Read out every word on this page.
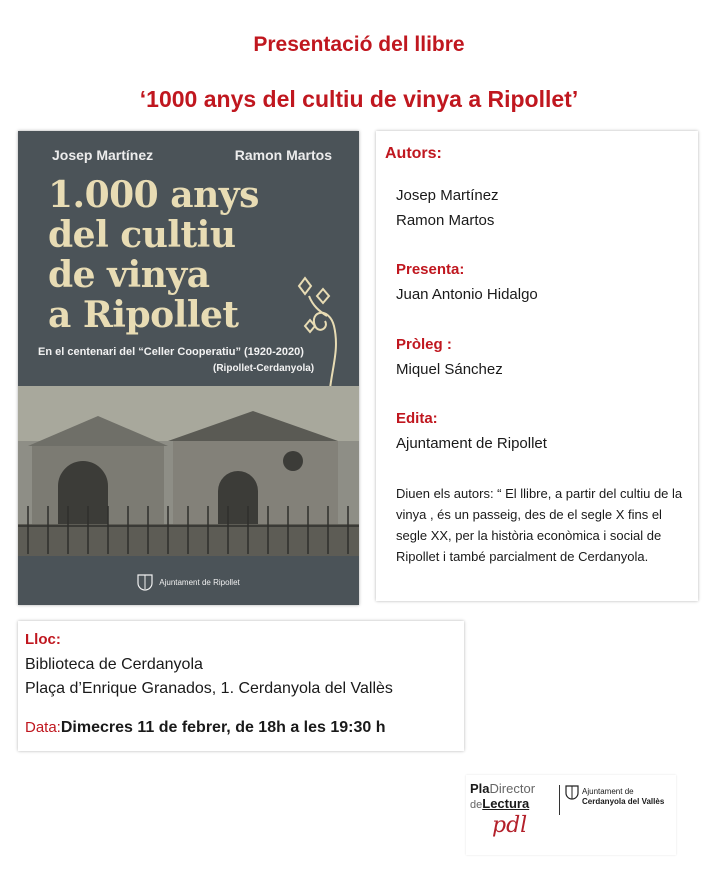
Presentació del llibre
‘1000 anys del cultiu de vinya a Ripollet’
Josep Martínez	Ramon Martos
1.000 anys
del cultiu
de vinya
a Ripollet
En el centenari del “Celler Cooperatiu” (1920-2020)
(Ripollet-Cerdanyola)
Ajuntament de Ripollet
Autors:
Josep Martínez
Ramon Martos
Presenta:
Juan Antonio Hidalgo
Pròleg :
Miquel Sánchez
Edita:
Ajuntament de Ripollet
Diuen els autors: “ El llibre, a partir del cultiu de la vinya , és un passeig, des de el segle X fins el segle XX, per la història econòmica i social de Ripollet i també parcialment de Cerdanyola.
Lloc:
Biblioteca de Cerdanyola
Plaça d’Enrique Granados, 1. Cerdanyola del Vallès
Data:Dimecres 11 de febrer, de 18h a les 19:30 h
PlaDirector
deLectura
pdl
Ajuntament de
Cerdanyola del Vallès
